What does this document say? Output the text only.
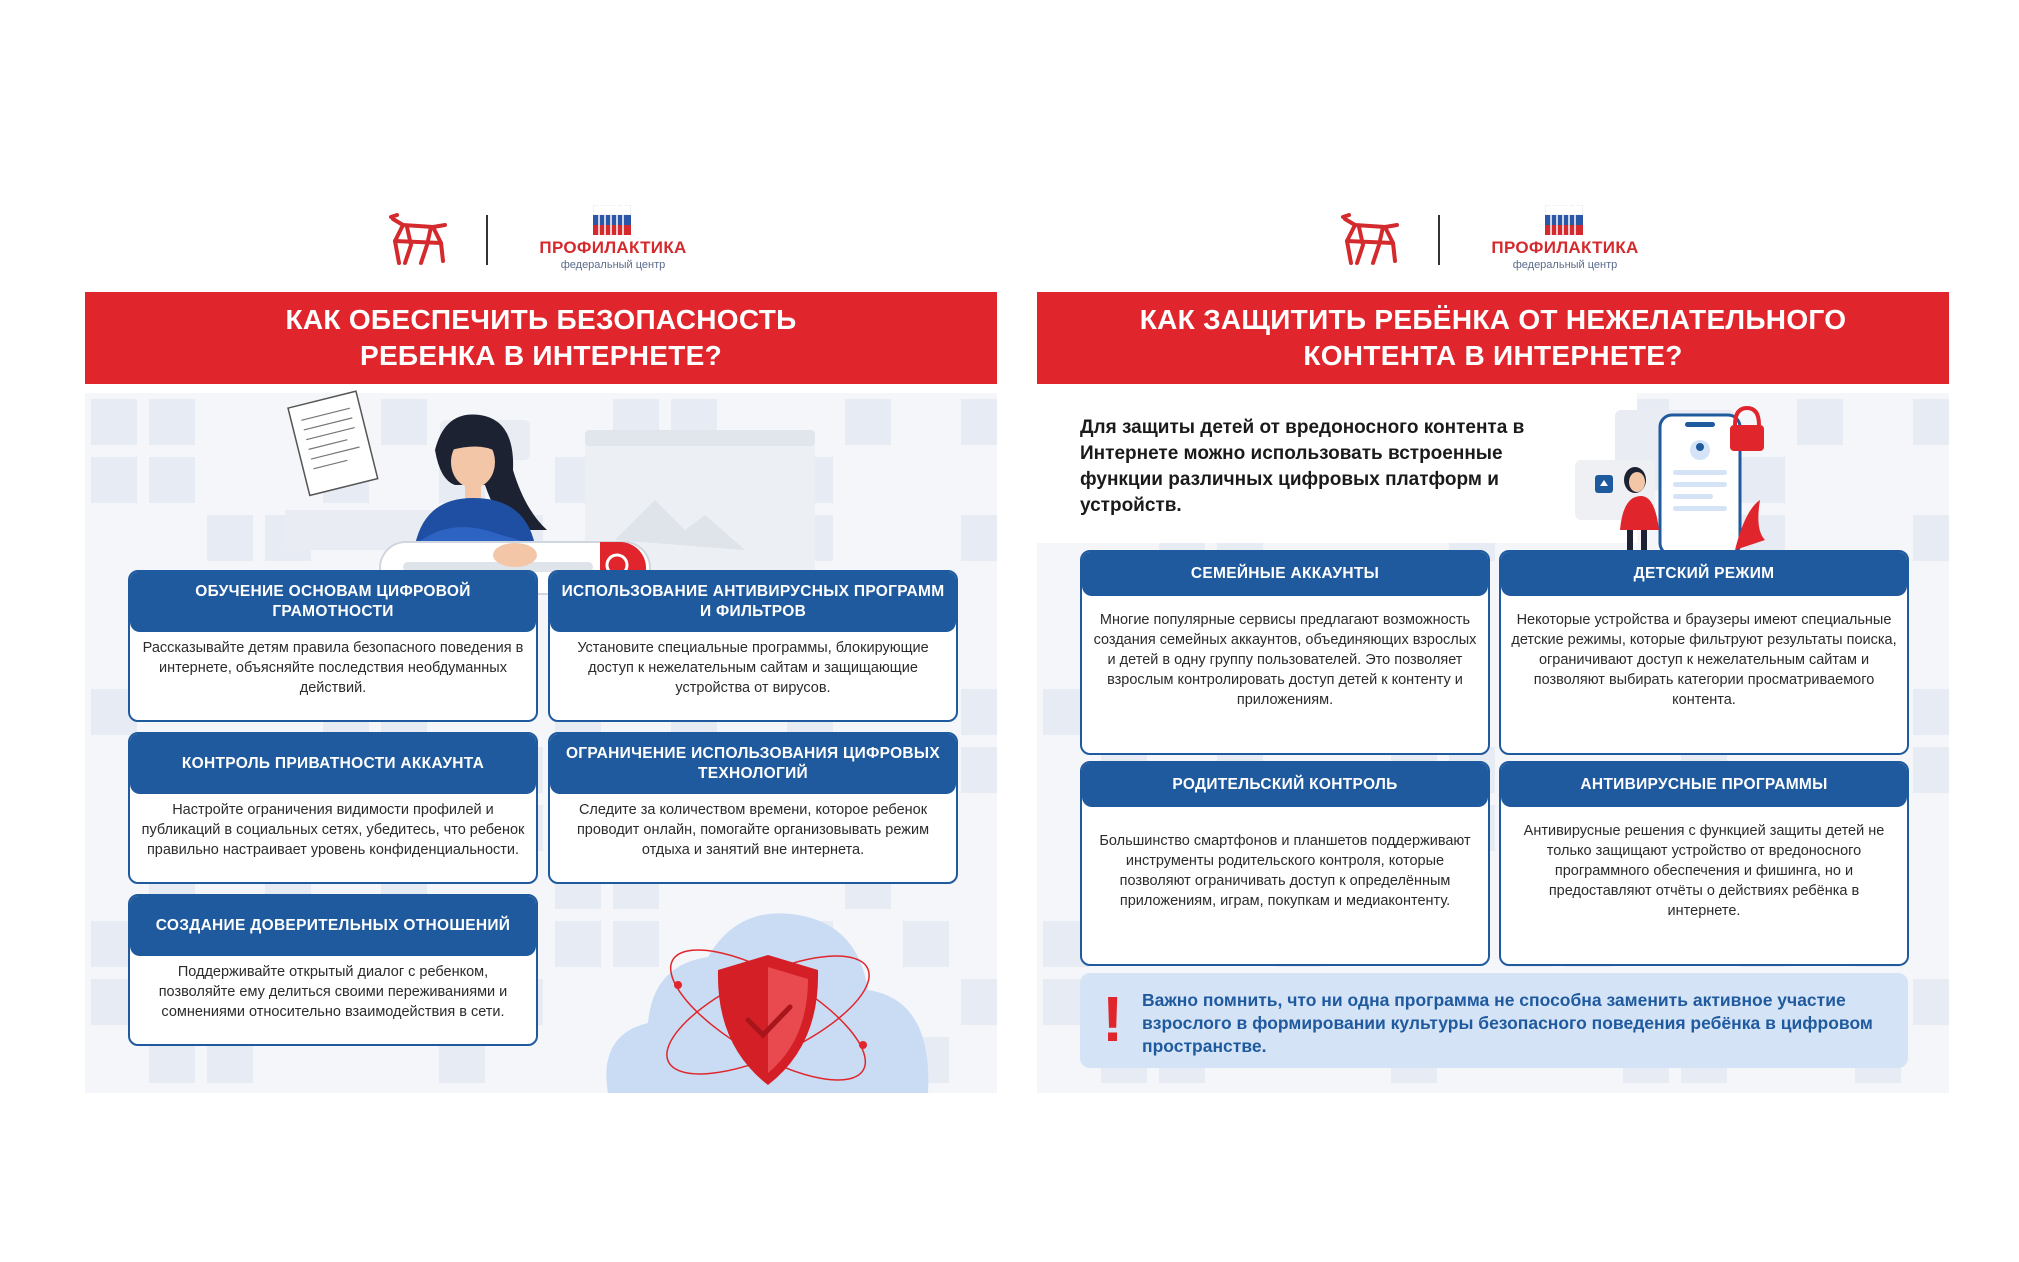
ПРОФИЛАКТИКА
федеральный центр
КАК ОБЕСПЕЧИТЬ БЕЗОПАСНОСТЬ
РЕБЕНКА В ИНТЕРНЕТЕ?
ОБУЧЕНИЕ ОСНОВАМ ЦИФРОВОЙ ГРАМОТНОСТИ
Рассказывайте детям правила безопасного поведения в интернете, объясняйте последствия необдуманных действий.
ИСПОЛЬЗОВАНИЕ АНТИВИРУСНЫХ ПРОГРАММ И ФИЛЬТРОВ
Установите специальные программы, блокирующие доступ к нежелательным сайтам и защищающие устройства от вирусов.
КОНТРОЛЬ ПРИВАТНОСТИ АККАУНТА
Настройте ограничения видимости профилей и публикаций в социальных сетях, убедитесь, что ребенок правильно настраивает уровень конфиденциальности.
ОГРАНИЧЕНИЕ ИСПОЛЬЗОВАНИЯ ЦИФРОВЫХ ТЕХНОЛОГИЙ
Следите за количеством времени, которое ребенок проводит онлайн, помогайте организовывать режим отдыха и занятий вне интернета.
СОЗДАНИЕ ДОВЕРИТЕЛЬНЫХ ОТНОШЕНИЙ
Поддерживайте открытый диалог с ребенком, позволяйте ему делиться своими переживаниями и сомнениями относительно взаимодействия в сети.
ПРОФИЛАКТИКА
федеральный центр
КАК ЗАЩИТИТЬ РЕБЁНКА ОТ НЕЖЕЛАТЕЛЬНОГО
КОНТЕНТА В ИНТЕРНЕТЕ?
Для защиты детей от вредоносного контента в Интернете можно использовать встроенные функции различных цифровых платформ и устройств.
СЕМЕЙНЫЕ АККАУНТЫ
Многие популярные сервисы предлагают возможность создания семейных аккаунтов, объединяющих взрослых и детей в одну группу пользователей. Это позволяет взрослым контролировать доступ детей к контенту и приложениям.
ДЕТСКИЙ РЕЖИМ
Некоторые устройства и браузеры имеют специальные детские режимы, которые фильтруют результаты поиска, ограничивают доступ к нежелательным сайтам и позволяют выбирать категории просматриваемого контента.
РОДИТЕЛЬСКИЙ КОНТРОЛЬ
Большинство смартфонов и планшетов поддерживают инструменты родительского контроля, которые позволяют ограничивать доступ к определённым приложениям, играм, покупкам и медиаконтенту.
АНТИВИРУСНЫЕ ПРОГРАММЫ
Антивирусные решения с функцией защиты детей не только защищают устройство от вредоносного программного обеспечения и фишинга, но и предоставляют отчёты о действиях ребёнка в интернете.
! Важно помнить, что ни одна программа не способна заменить активное участие взрослого в формировании культуры безопасного поведения ребёнка в цифровом пространстве.
